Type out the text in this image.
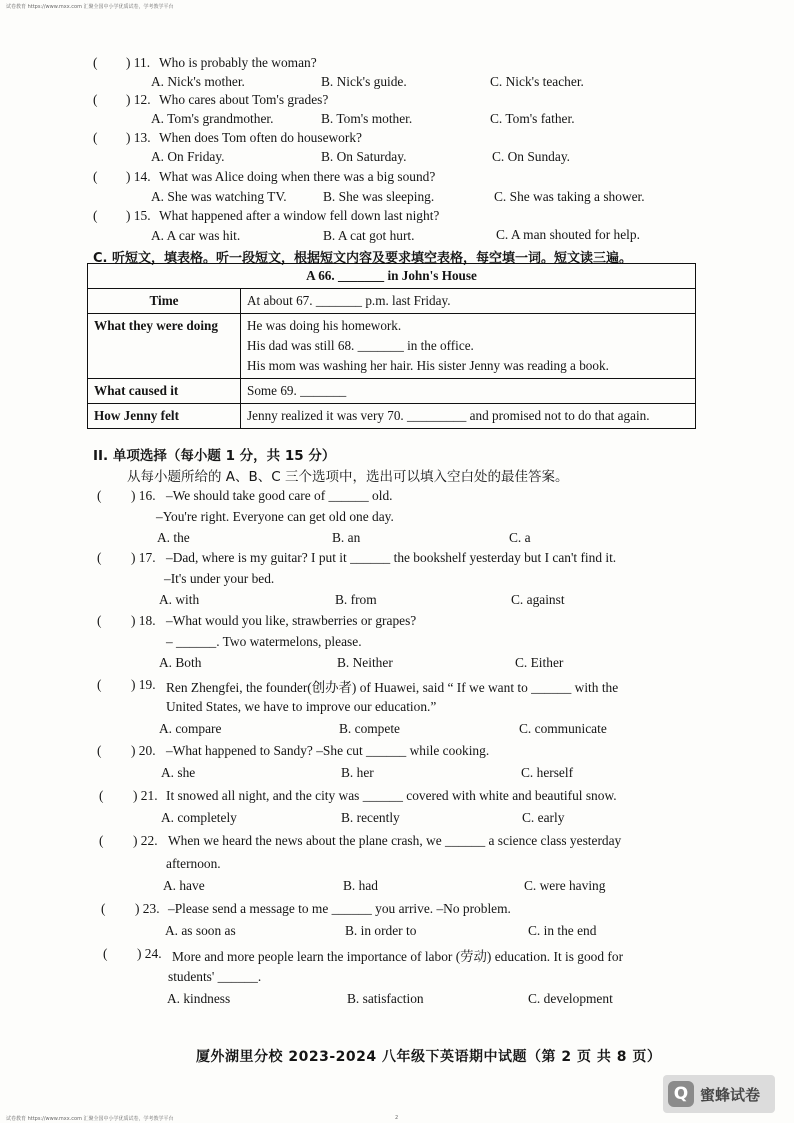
试卷教育 https://www.mxx.com 汇聚全国中小学优质试卷，学考教学平台
( ) 11. Who is probably the woman?
A. Nick's mother.	B. Nick's guide.	C. Nick's teacher.
( ) 12. Who cares about Tom's grades?
A. Tom's grandmother.	B. Tom's mother.	C. Tom's father.
( ) 13. When does Tom often do housework?
A. On Friday.	B. On Saturday.	C. On Sunday.
( ) 14. What was Alice doing when there was a big sound?
A. She was watching TV.	B. She was sleeping.	C. She was taking a shower.
( ) 15. What happened after a window fell down last night?
A. A car was hit.	B. A cat got hurt.	C. A man shouted for help.
C. 听短文，填表格。听一段短文，根据短文内容及要求填空表格，每空填一词。短文读三遍。
A 66. _______ in John's House	
Time	At about 67. _______ p.m. last Friday.

What they were doing	He was doing his homework.
His dad was still 68. _______ in the office.
His mom was washing her hair. His sister Jenny was reading a book.

What caused it	Some 69. _______

How Jenny felt	Jenny realized it was very 70. _________ and promised not to do that again.
II. 单项选择（每小题 1 分，共 15 分）
从每小题所给的 A、B、C 三个选项中，选出可以填入空白处的最佳答案。
( ) 16. –We should take good care of ______ old.
–You're right. Everyone can get old one day.
A. the	B. an	C. a
( ) 17. –Dad, where is my guitar? I put it ______ the bookshelf yesterday but I can't find it.
–It's under your bed.
A. with	B. from	C. against
( ) 18. –What would you like, strawberries or grapes?
– ______. Two watermelons, please.
A. Both	B. Neither	C. Either
( ) 19. Ren Zhengfei, the founder(创办者) of Huawei, said “ If we want to ______ with the
United States, we have to improve our education.”
A. compare	B. compete	C. communicate
( ) 20. –What happened to Sandy? –She cut ______ while cooking.
A. she	B. her	C. herself
( ) 21. It snowed all night, and the city was ______ covered with white and beautiful snow.
A. completely	B. recently	C. early
( ) 22. When we heard the news about the plane crash, we ______ a science class yesterday
afternoon.
A. have	B. had	C. were having
( ) 23. –Please send a message to me ______ you arrive. –No problem.
A. as soon as	B. in order to	C. in the end
( ) 24. More and more people learn the importance of labor (劳动) education. It is good for
students' ______.
A. kindness	B. satisfaction	C. development
厦外湖里分校 2023-2024 八年级下英语期中试题（第 2 页 共 8 页）
Q 蜜蜂试卷
试卷教育 https://www.mxx.com 汇聚全国中小学优质试卷，学考教学平台	2
